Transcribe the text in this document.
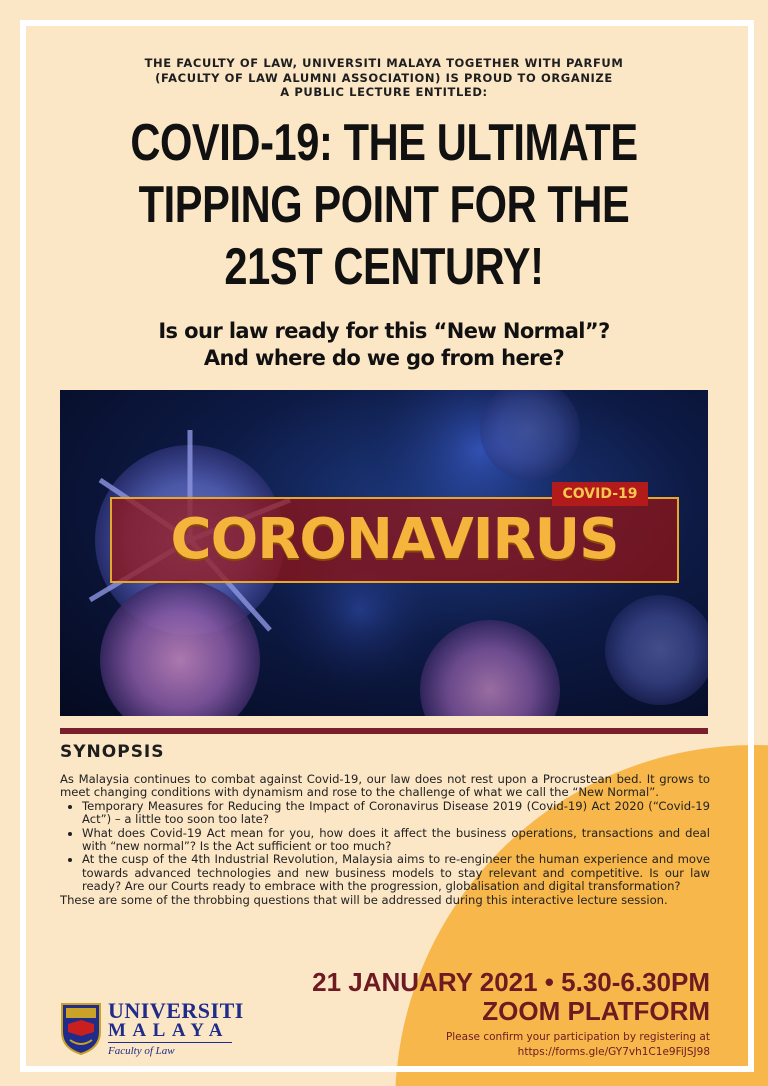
THE FACULTY OF LAW, UNIVERSITI MALAYA TOGETHER WITH PARFUM
(FACULTY OF LAW ALUMNI ASSOCIATION) IS PROUD TO ORGANIZE
A PUBLIC LECTURE ENTITLED:
COVID-19: THE ULTIMATE
TIPPING POINT FOR THE
21ST CENTURY!
Is our law ready for this “New Normal”?
And where do we go from here?
CORONAVIRUS
COVID-19
SYNOPSIS

As Malaysia continues to combat against Covid-19, our law does not rest upon a Procrustean bed. It grows to meet changing conditions with dynamism and rose to the challenge of what we call the “New Normal”.

• Temporary Measures for Reducing the Impact of Coronavirus Disease 2019 (Covid-19) Act 2020 (“Covid-19 Act”) – a little too soon too late?
• What does Covid-19 Act mean for you, how does it affect the business operations, transactions and deal with “new normal”? Is the Act sufficient or too much?
• At the cusp of the 4th Industrial Revolution, Malaysia aims to re-engineer the human experience and move towards advanced technologies and new business models to stay relevant and competitive. Is our law ready? Are our Courts ready to embrace with the progression, globalisation and digital transformation?

These are some of the throbbing questions that will be addressed during this interactive lecture session.

21 JANUARY 2021 • 5.30-6.30PM
ZOOM PLATFORM
Please confirm your participation by registering at
https://forms.gle/GY7vh1C1e9FiJSJ98
UNIVERSITI
MALAYA
Faculty of Law
